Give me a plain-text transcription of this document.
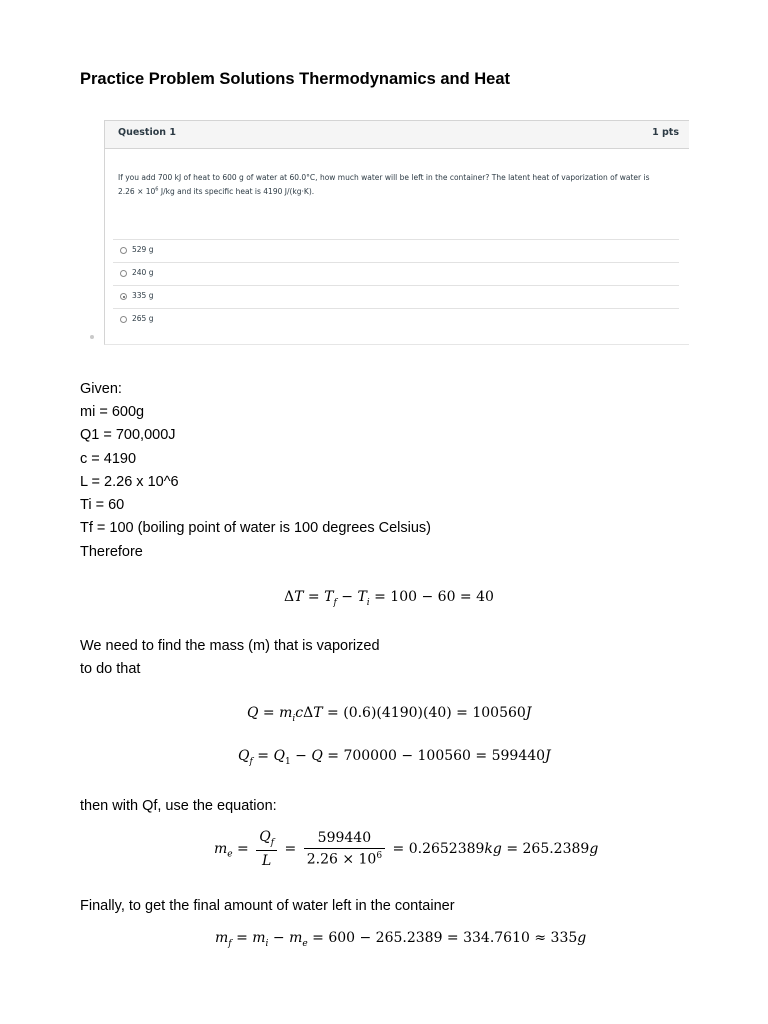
Practice Problem Solutions Thermodynamics and Heat
Question 1	1 pts
If you add 700 kJ of heat to 600 g of water at 60.0°C, how much water will be left in the container? The latent heat of vaporization of water is
$2.26 \times 10^6$ J/kg and its specific heat is 4190 J/(kg·K).
529 g
240 g
335 g
265 g
Given:
mi = 600g
Q1 = 700,000J
c = 4190
L = 2.26 x 10^6
Ti = 60
Tf = 100 (boiling point of water is 100 degrees Celsius)
Therefore
$\Delta T = T_f - T_i = 100 - 60 = 40$
We need to find the mass (m) that is vaporized
to do that
$Q = m_ic\Delta T = (0.6)(4190)(40) = 100560J$
$Q_f = Q_1 - Q = 700000 - 100560 = 599440J$
then with Qf, use the equation:
$m_e = \frac{Q_f}{L} = \frac{599440}{2.26 \times 10^6} = 0.2652389kg = 265.2389g$
Finally, to get the final amount of water left in the container
$m_f = m_i - m_e = 600 - 265.2389 = 334.7610 \approx 335g$
